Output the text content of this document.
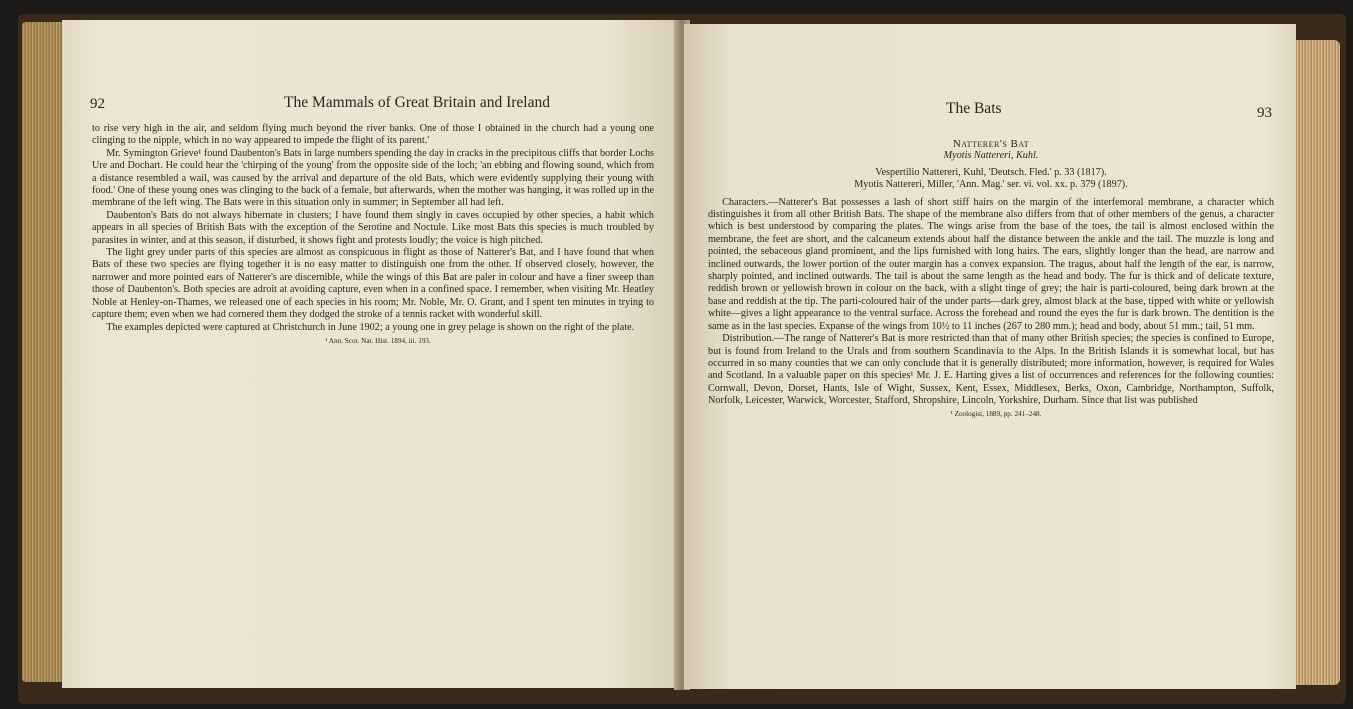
92	The Mammals of Great Britain and Ireland

to rise very high in the air, and seldom flying much beyond the river banks. One of those I obtained in the church had a young one clinging to the nipple, which in no way appeared to impede the flight of its parent.'

Mr. Symington Grieve¹ found Daubenton's Bats in large numbers spending the day in cracks in the precipitous cliffs that border Lochs Ure and Dochart. He could hear the 'chirping of the young' from the opposite side of the loch; 'an ebbing and flowing sound, which from a distance resembled a wail, was caused by the arrival and departure of the old Bats, which were evidently supplying their young with food.' One of these young ones was clinging to the back of a female, but afterwards, when the mother was hanging, it was rolled up in the membrane of the left wing. The Bats were in this situation only in summer; in September all had left.

Daubenton's Bats do not always hibernate in clusters; I have found them singly in caves occupied by other species, a habit which appears in all species of British Bats with the exception of the Serotine and Noctule. Like most Bats this species is much troubled by parasites in winter, and at this season, if disturbed, it shows fight and protests loudly; the voice is high pitched.

The light grey under parts of this species are almost as conspicuous in flight as those of Natterer's Bat, and I have found that when Bats of these two species are flying together it is no easy matter to distinguish one from the other. If observed closely, however, the narrower and more pointed ears of Natterer's are discernible, while the wings of this Bat are paler in colour and have a finer sweep than those of Daubenton's. Both species are adroit at avoiding capture, even when in a confined space. I remember, when visiting Mr. Heatley Noble at Henley-on-Thames, we released one of each species in his room; Mr. Noble, Mr. O. Grant, and I spent ten minutes in trying to capture them; even when we had cornered them they dodged the stroke of a tennis racket with wonderful skill.

The examples depicted were captured at Christchurch in June 1902; a young one in grey pelage is shown on the right of the plate.

¹ Ann. Scot. Nat. Hist. 1894, iii. 193.

The Bats	93

Natterer's Bat

Myotis Nattereri, Kuhl.

Vespertilio Nattereri, Kuhl, 'Deutsch. Fled.' p. 33 (1817).

Myotis Nattereri, Miller, 'Ann. Mag.' ser. vi. vol. xx. p. 379 (1897).

Characters.—Natterer's Bat possesses a lash of short stiff hairs on the margin of the interfemoral membrane, a character which distinguishes it from all other British Bats. The shape of the membrane also differs from that of other members of the genus, a character which is best understood by comparing the plates. The wings arise from the base of the toes, the tail is almost enclosed within the membrane, the feet are short, and the calcaneum extends about half the distance between the ankle and the tail. The muzzle is long and pointed, the sebaceous gland prominent, and the lips furnished with long hairs. The ears, slightly longer than the head, are narrow and inclined outwards, the lower portion of the outer margin has a convex expansion. The tragus, about half the length of the ear, is narrow, sharply pointed, and inclined outwards. The tail is about the same length as the head and body. The fur is thick and of delicate texture, reddish brown or yellowish brown in colour on the back, with a slight tinge of grey; the hair is parti-coloured, being dark brown at the base and reddish at the tip. The parti-coloured hair of the under parts—dark grey, almost black at the base, tipped with white or yellowish white—gives a light appearance to the ventral surface. Across the forehead and round the eyes the fur is dark brown. The dentition is the same as in the last species. Expanse of the wings from 10½ to 11 inches (267 to 280 mm.); head and body, about 51 mm.; tail, 51 mm.

Distribution.—The range of Natterer's Bat is more restricted than that of many other British species; the species is confined to Europe, but is found from Ireland to the Urals and from southern Scandinavia to the Alps. In the British Islands it is somewhat local, but has occurred in so many counties that we can only conclude that it is generally distributed; more information, however, is required for Wales and Scotland. In a valuable paper on this species¹ Mr. J. E. Harting gives a list of occurrences and references for the following counties: Cornwall, Devon, Dorset, Hants, Isle of Wight, Sussex, Kent, Essex, Middlesex, Berks, Oxon, Cambridge, Northampton, Suffolk, Norfolk, Leicester, Warwick, Worcester, Stafford, Shropshire, Lincoln, Yorkshire, Durham. Since that list was published

¹ Zoologist, 1889, pp. 241–248.
